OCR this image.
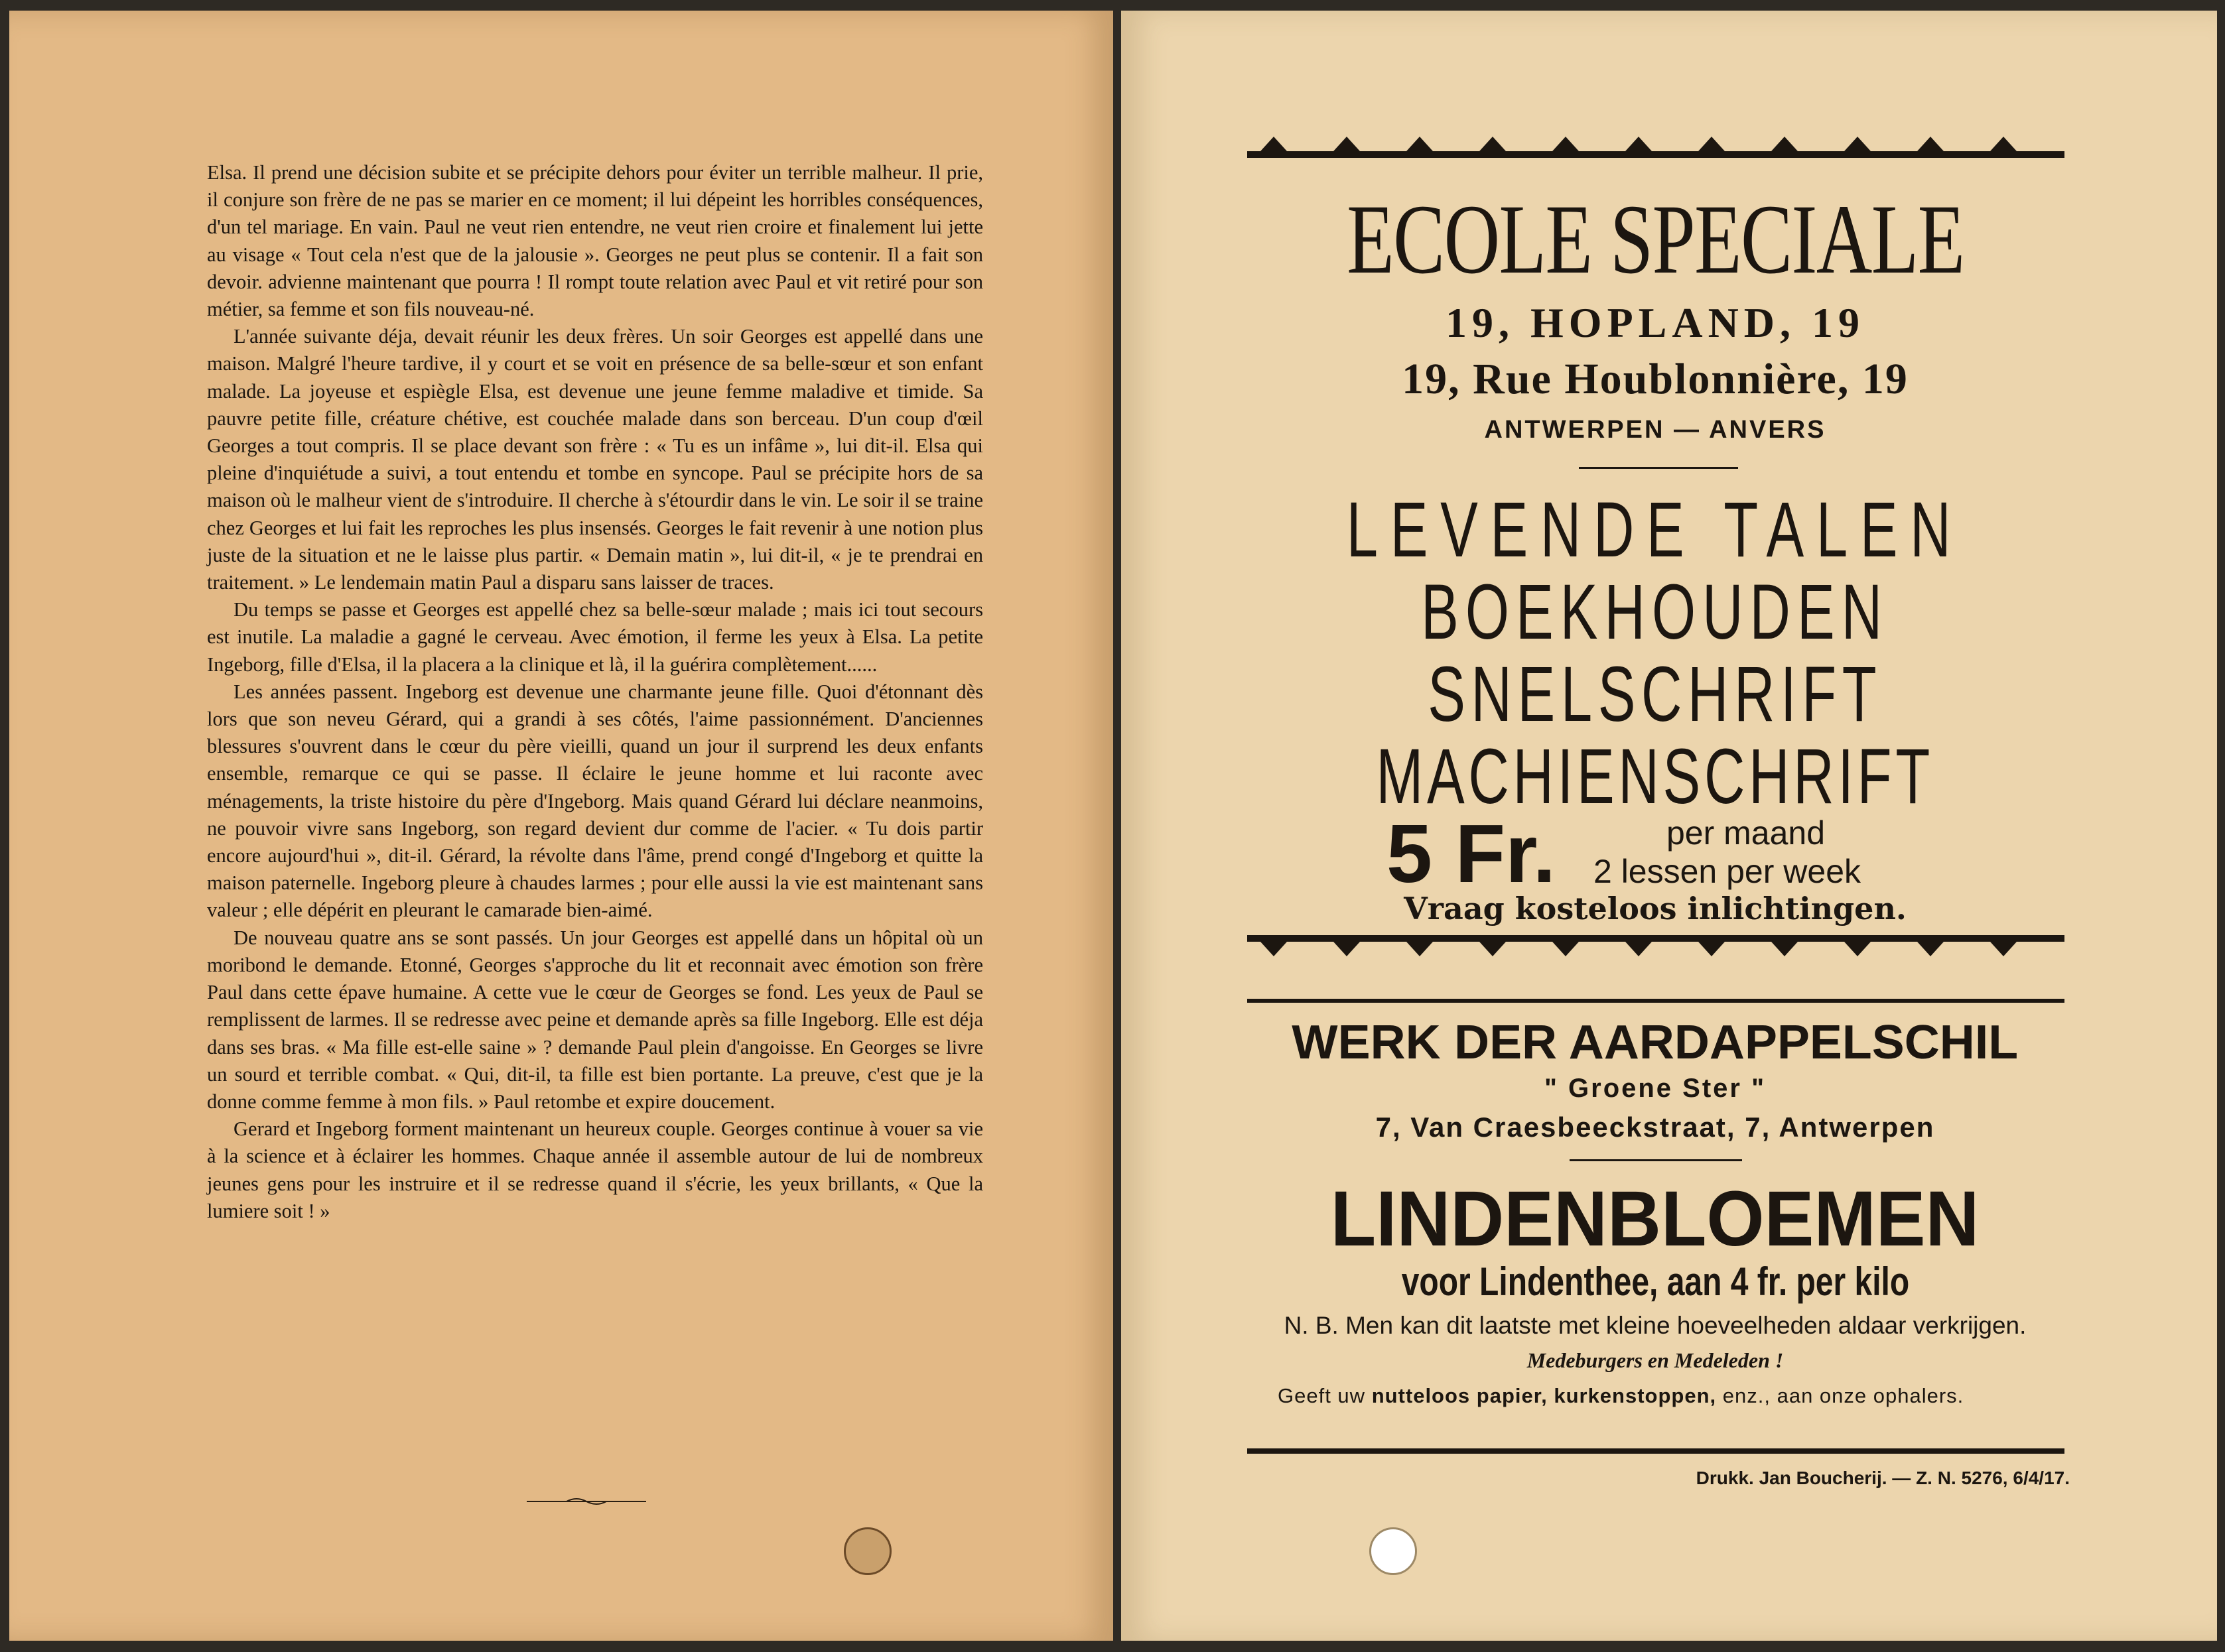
Elsa. Il prend une décision subite et se précipite dehors pour éviter un terrible malheur. Il prie, il conjure son frère de ne pas se marier en ce moment; il lui dépeint les horribles conséquences, d'un tel mariage. En vain. Paul ne veut rien entendre, ne veut rien croire et finalement lui jette au visage « Tout cela n'est que de la jalousie ». Georges ne peut plus se contenir. Il a fait son devoir. advienne maintenant que pourra ! Il rompt toute relation avec Paul et vit retiré pour son métier, sa femme et son fils nouveau-né.

L'année suivante déja, devait réunir les deux frères. Un soir Georges est appellé dans une maison. Malgré l'heure tardive, il y court et se voit en présence de sa belle-sœur et son enfant malade. La joyeuse et espiègle Elsa, est devenue une jeune femme maladive et timide. Sa pauvre petite fille, créature chétive, est couchée malade dans son berceau. D'un coup d'œil Georges a tout compris. Il se place devant son frère : « Tu es un infâme », lui dit-il. Elsa qui pleine d'inquiétude a suivi, a tout entendu et tombe en syncope. Paul se précipite hors de sa maison où le malheur vient de s'introduire. Il cherche à s'étourdir dans le vin. Le soir il se traine chez Georges et lui fait les reproches les plus insensés. Georges le fait revenir à une notion plus juste de la situation et ne le laisse plus partir. « Demain matin », lui dit-il, « je te prendrai en traitement. » Le lendemain matin Paul a disparu sans laisser de traces.

Du temps se passe et Georges est appellé chez sa belle-sœur malade ; mais ici tout secours est inutile. La maladie a gagné le cerveau. Avec émotion, il ferme les yeux à Elsa. La petite Ingeborg, fille d'Elsa, il la placera a la clinique et là, il la guérira complètement......

Les années passent. Ingeborg est devenue une charmante jeune fille. Quoi d'étonnant dès lors que son neveu Gérard, qui a grandi à ses côtés, l'aime passionnément. D'anciennes blessures s'ouvrent dans le cœur du père vieilli, quand un jour il surprend les deux enfants ensemble, remarque ce qui se passe. Il éclaire le jeune homme et lui raconte avec ménagements, la triste histoire du père d'Ingeborg. Mais quand Gérard lui déclare neanmoins, ne pouvoir vivre sans Ingeborg, son regard devient dur comme de l'acier. « Tu dois partir encore aujourd'hui », dit-il. Gérard, la révolte dans l'âme, prend congé d'Ingeborg et quitte la maison paternelle. Ingeborg pleure à chaudes larmes ; pour elle aussi la vie est maintenant sans valeur ; elle dépérit en pleurant le camarade bien-aimé.

De nouveau quatre ans se sont passés. Un jour Georges est appellé dans un hôpital où un moribond le demande. Etonné, Georges s'approche du lit et reconnait avec émotion son frère Paul dans cette épave humaine. A cette vue le cœur de Georges se fond. Les yeux de Paul se remplissent de larmes. Il se redresse avec peine et demande après sa fille Ingeborg. Elle est déja dans ses bras. « Ma fille est-elle saine » ? demande Paul plein d'angoisse. En Georges se livre un sourd et terrible combat. « Qui, dit-il, ta fille est bien portante. La preuve, c'est que je la donne comme femme à mon fils. » Paul retombe et expire doucement.

Gerard et Ingeborg forment maintenant un heureux couple. Georges continue à vouer sa vie à la science et à éclairer les hommes. Chaque année il assemble autour de lui de nombreux jeunes gens pour les instruire et il se redresse quand il s'écrie, les yeux brillants, « Que la lumiere soit ! »

ECOLE SPECIALE
19, HOPLAND, 19
19, Rue Houblonnière, 19
ANTWERPEN — ANVERS
LEVENDE TALEN
BOEKHOUDEN
SNELSCHRIFT
MACHIENSCHRIFT
5 Fr.	per maand
2 lessen per week
Vraag kosteloos inlichtingen.
WERK DER AARDAPPELSCHIL
" Groene Ster "
7, Van Craesbeeckstraat, 7, Antwerpen
LINDENBLOEMEN
voor Lindenthee, aan 4 fr. per kilo
N. B. Men kan dit laatste met kleine hoeveelheden aldaar verkrijgen.
Medeburgers en Medeleden !
Geeft uw nutteloos papier, kurkenstoppen, enz., aan onze ophalers.
Drukk. Jan Boucherij. — Z. N. 5276, 6/4/17.
